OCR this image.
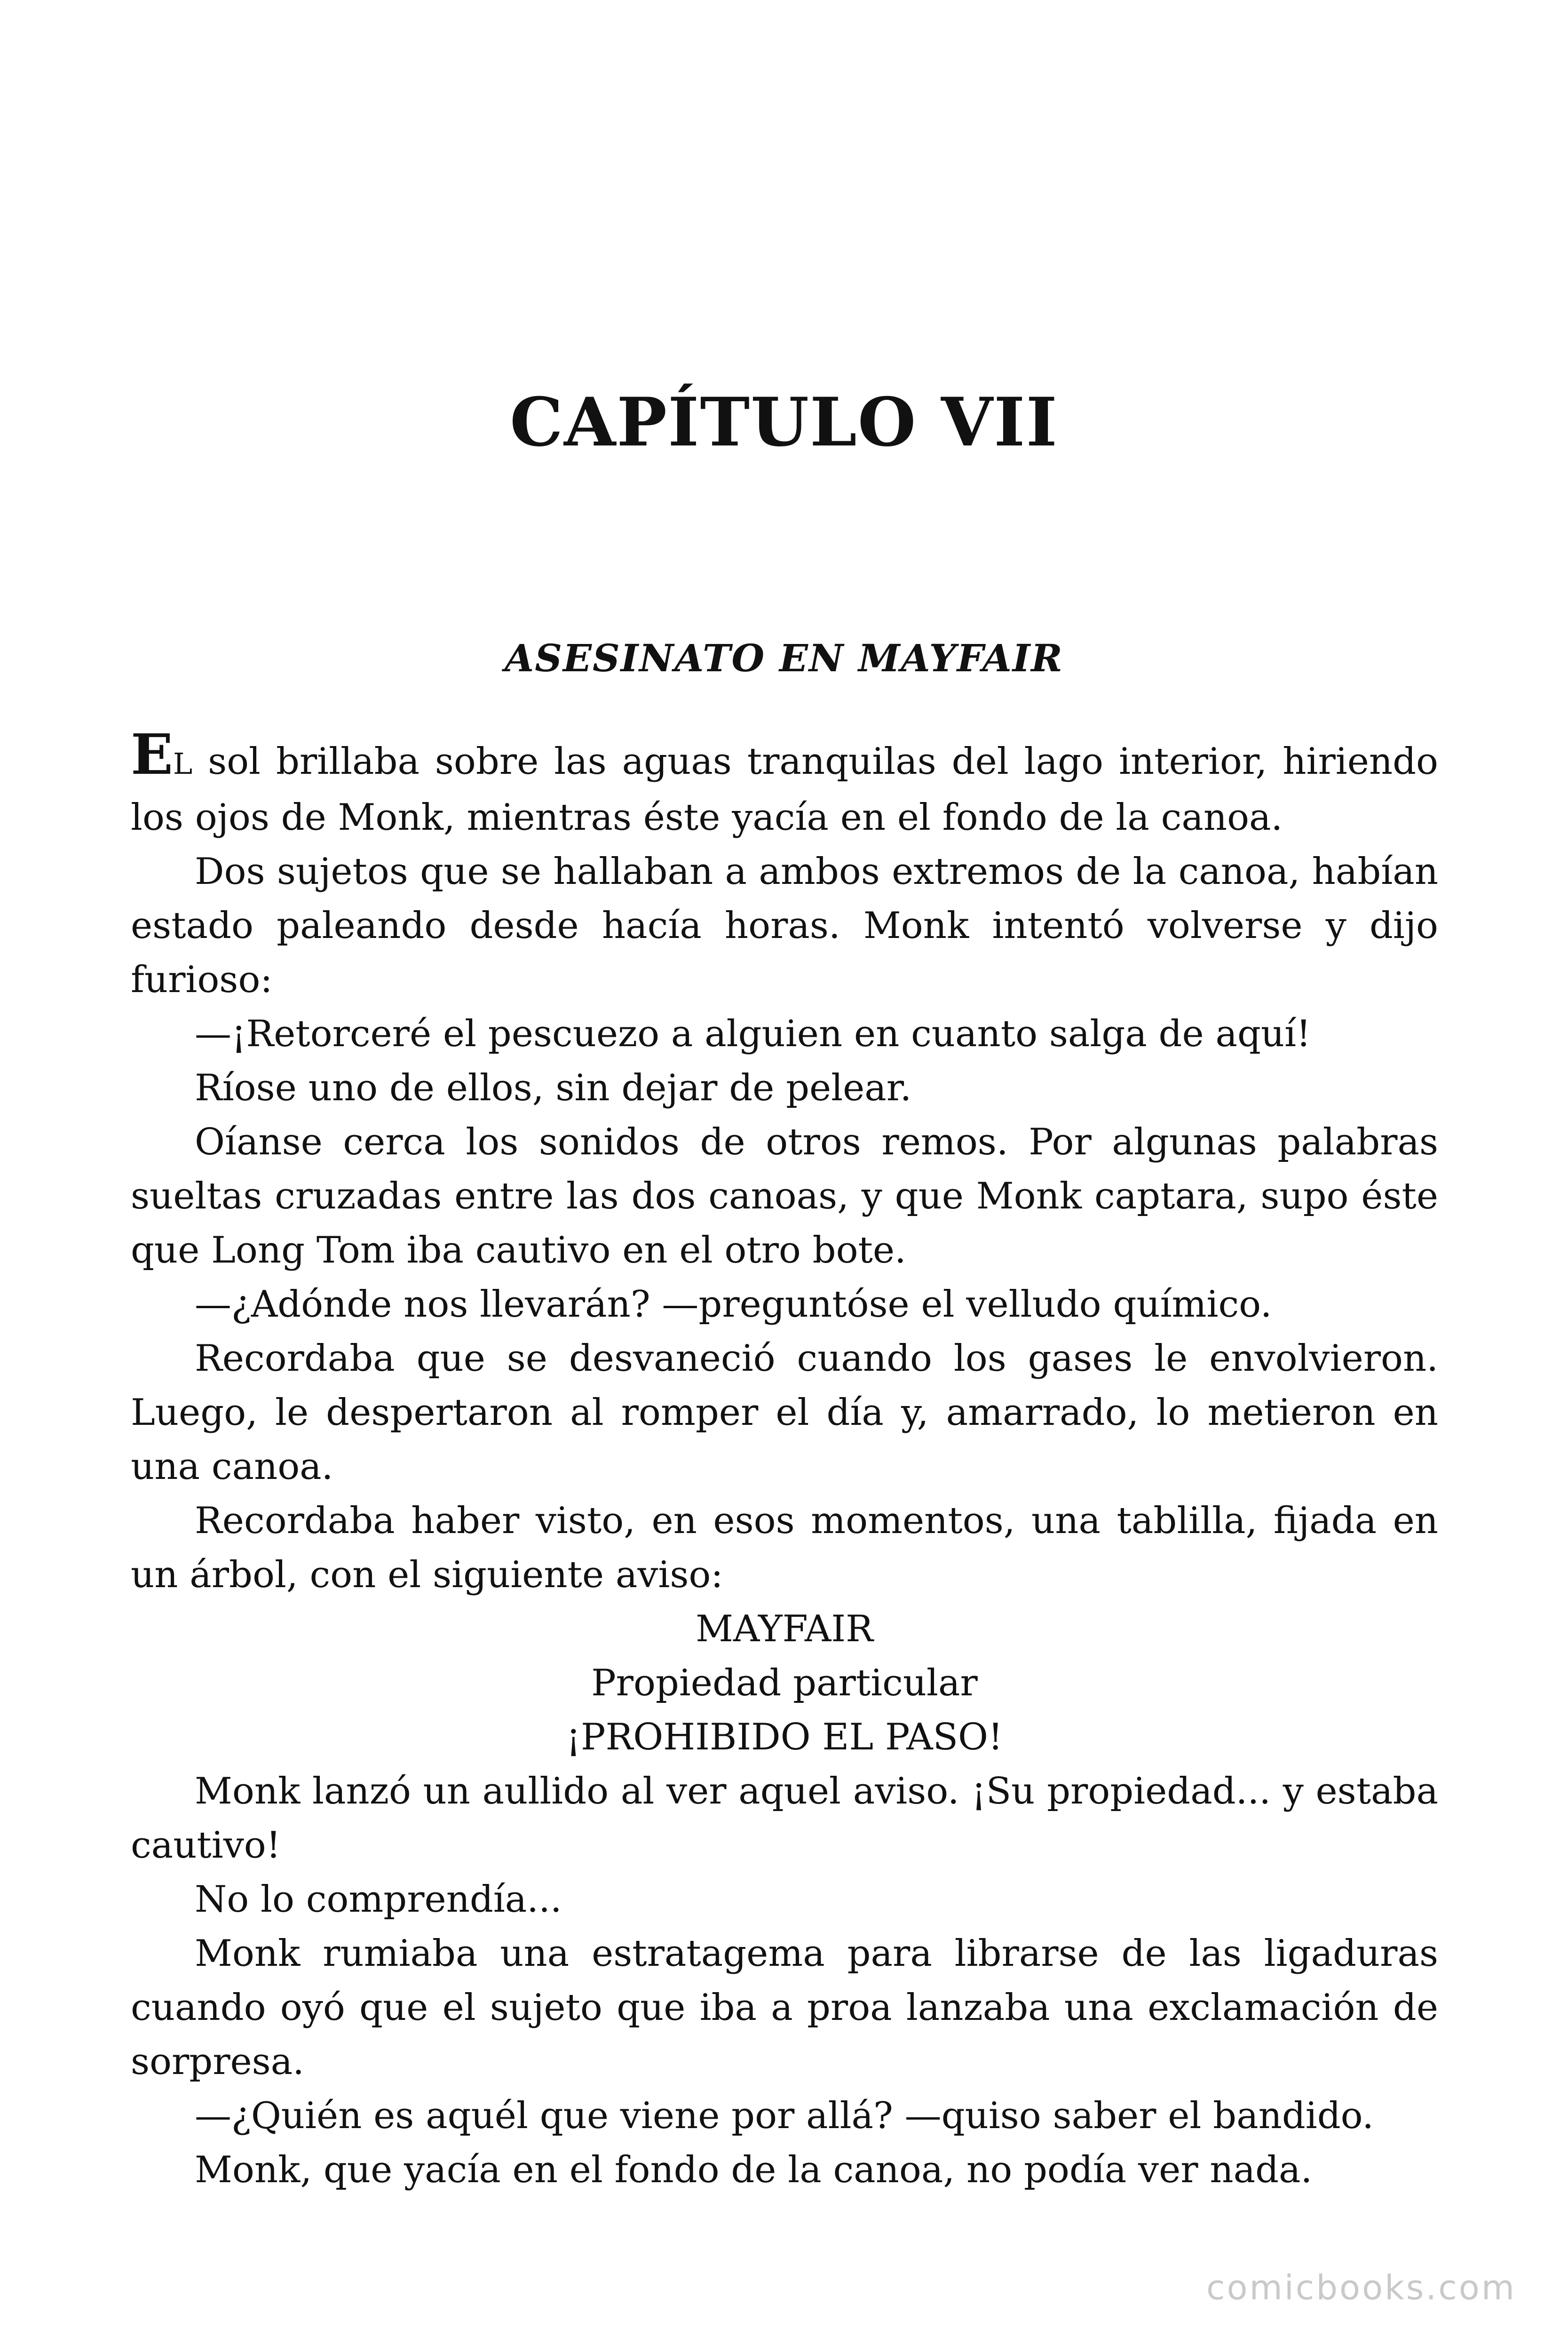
CAPÍTULO VII
ASESINATO EN MAYFAIR

EL sol brillaba sobre las aguas tranquilas del lago interior, hiriendo los ojos de Monk, mientras éste yacía en el fondo de la canoa.

Dos sujetos que se hallaban a ambos extremos de la canoa, habían estado paleando desde hacía horas. Monk intentó volverse y dijo furioso:

—¡Retorceré el pescuezo a alguien en cuanto salga de aquí!

Ríose uno de ellos, sin dejar de pelear.

Oíanse cerca los sonidos de otros remos. Por algunas palabras sueltas cruzadas entre las dos canoas, y que Monk captara, supo éste que Long Tom iba cautivo en el otro bote.

—¿Adónde nos llevarán? —preguntóse el velludo químico.

Recordaba que se desvaneció cuando los gases le envolvieron. Luego, le despertaron al romper el día y, amarrado, lo metieron en una canoa.

Recordaba haber visto, en esos momentos, una tablilla, fijada en un árbol, con el siguiente aviso:

MAYFAIR

Propiedad particular

¡PROHIBIDO EL PASO!

Monk lanzó un aullido al ver aquel aviso. ¡Su propiedad... y estaba cautivo!

No lo comprendía...

Monk rumiaba una estratagema para librarse de las ligaduras cuando oyó que el sujeto que iba a proa lanzaba una exclamación de sorpresa.

—¿Quién es aquél que viene por allá? —quiso saber el bandido.

Monk, que yacía en el fondo de la canoa, no podía ver nada.

comicbooks.com
